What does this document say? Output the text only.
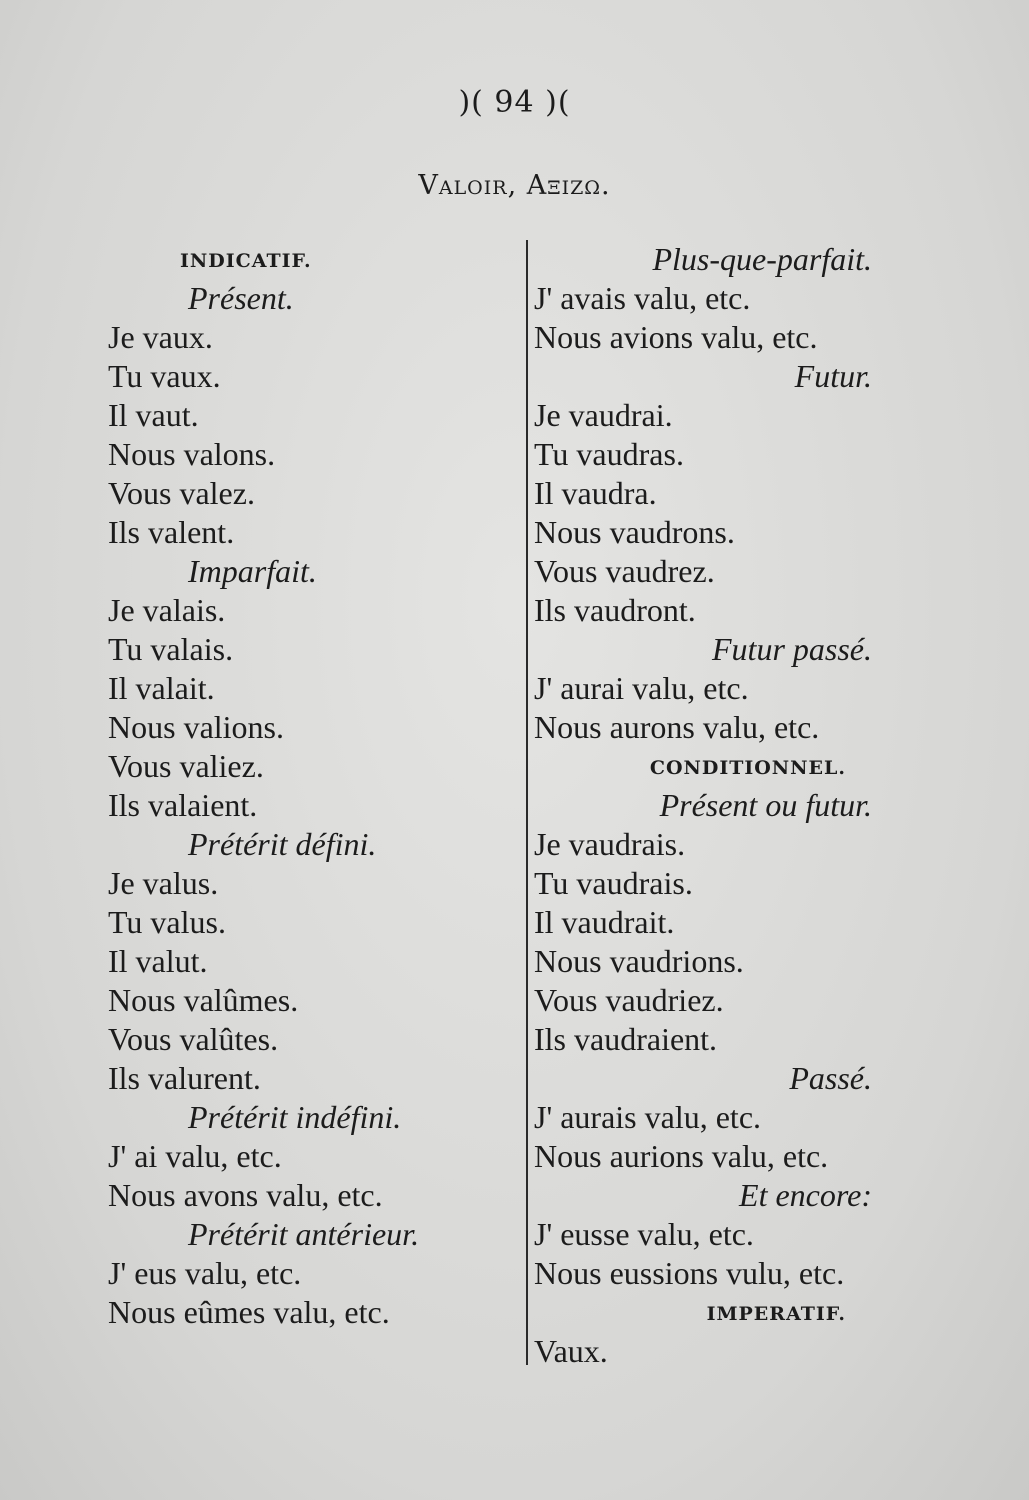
)( 94 )(
Valoir, Αξιζω.
INDICATIF.
Présent.
Je vaux.
Tu vaux.
Il vaut.
Nous valons.
Vous valez.
Ils valent.
Imparfait.
Je valais.
Tu valais.
Il valait.
Nous valions.
Vous valiez.
Ils valaient.
Prétérit défini.
Je valus.
Tu valus.
Il valut.
Nous valûmes.
Vous valûtes.
Ils valurent.
Prétérit indéfini.
J' ai valu, etc.
Nous avons valu, etc.
Prétérit antérieur.
J' eus valu, etc.
Nous eûmes valu, etc.
Plus-que-parfait.
J' avais valu, etc.
Nous avions valu, etc.
Futur.
Je vaudrai.
Tu vaudras.
Il vaudra.
Nous vaudrons.
Vous vaudrez.
Ils vaudront.
Futur passé.
J' aurai valu, etc.
Nous aurons valu, etc.
CONDITIONNEL.
Présent ou futur.
Je vaudrais.
Tu vaudrais.
Il vaudrait.
Nous vaudrions.
Vous vaudriez.
Ils vaudraient.
Passé.
J' aurais valu, etc.
Nous aurions valu, etc.
Et encore:
J' eusse valu, etc.
Nous eussions vulu, etc.
IMPERATIF.
Vaux.
